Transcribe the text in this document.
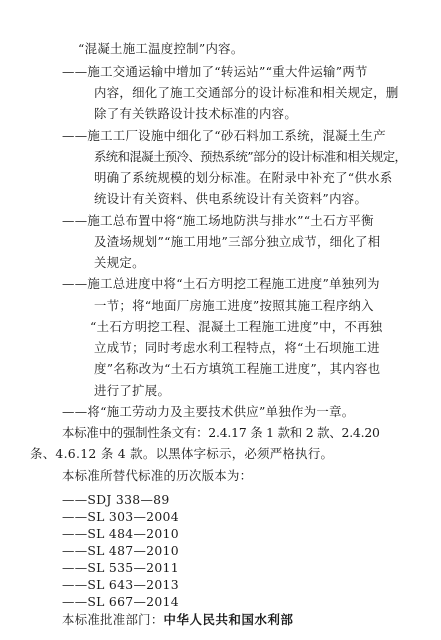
“混凝土施工温度控制”内容。
——施工交通运输中增加了“转运站”“重大件运输”两节
内容，细化了施工交通部分的设计标准和相关规定，删
除了有关铁路设计技术标准的内容。
——施工工厂设施中细化了“砂石料加工系统，混凝土生产
系统和混凝土预冷、预热系统”部分的设计标准和相关规定，
明确了系统规模的划分标准。在附录中补充了“供水系
统设计有关资料、供电系统设计有关资料”内容。
——施工总布置中将“施工场地防洪与排水”“土石方平衡
及渣场规划”“施工用地”三部分独立成节，细化了相
关规定。
——施工总进度中将“土石方明挖工程施工进度”单独列为
一节；将“地面厂房施工进度”按照其施工程序纳入
“土石方明挖工程、混凝土工程施工进度”中，不再独
立成节；同时考虑水利工程特点，将“土石坝施工进
度”名称改为“土石方填筑工程施工进度”，其内容也
进行了扩展。
——将“施工劳动力及主要技术供应”单独作为一章。
本标准中的强制性条文有：2.4.17 条 1 款和 2 款、2.4.20
条、4.6.12 条 4 款。以黑体字标示，必须严格执行。
本标准所替代标准的历次版本为：
——SDJ 338—89
——SL 303—2004
——SL 484—2010
——SL 487—2010
——SL 535—2011
——SL 643—2013
——SL 667—2014
本标准批准部门：中华人民共和国水利部
